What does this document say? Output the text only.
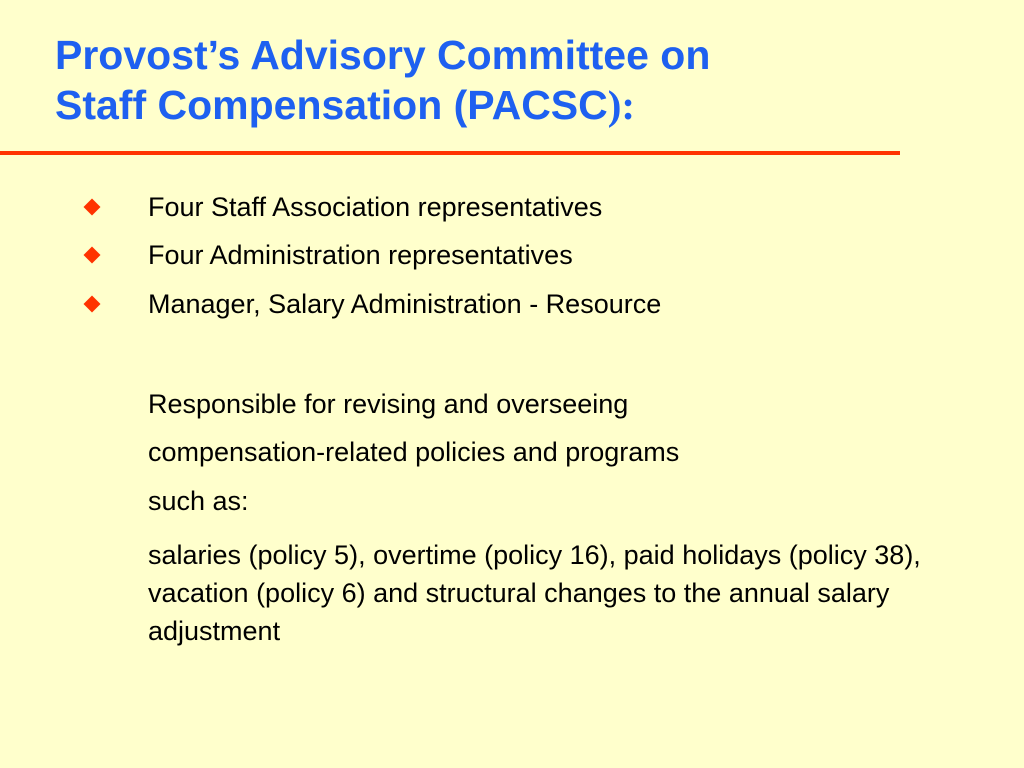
Provost’s Advisory Committee on
Staff Compensation (PACSC):
Four Staff Association representatives
Four Administration representatives
Manager, Salary Administration - Resource
Responsible for revising and overseeing
compensation-related policies and programs
such as:
salaries (policy 5), overtime (policy 16), paid holidays (policy 38), vacation (policy 6) and structural changes to the annual salary adjustment
